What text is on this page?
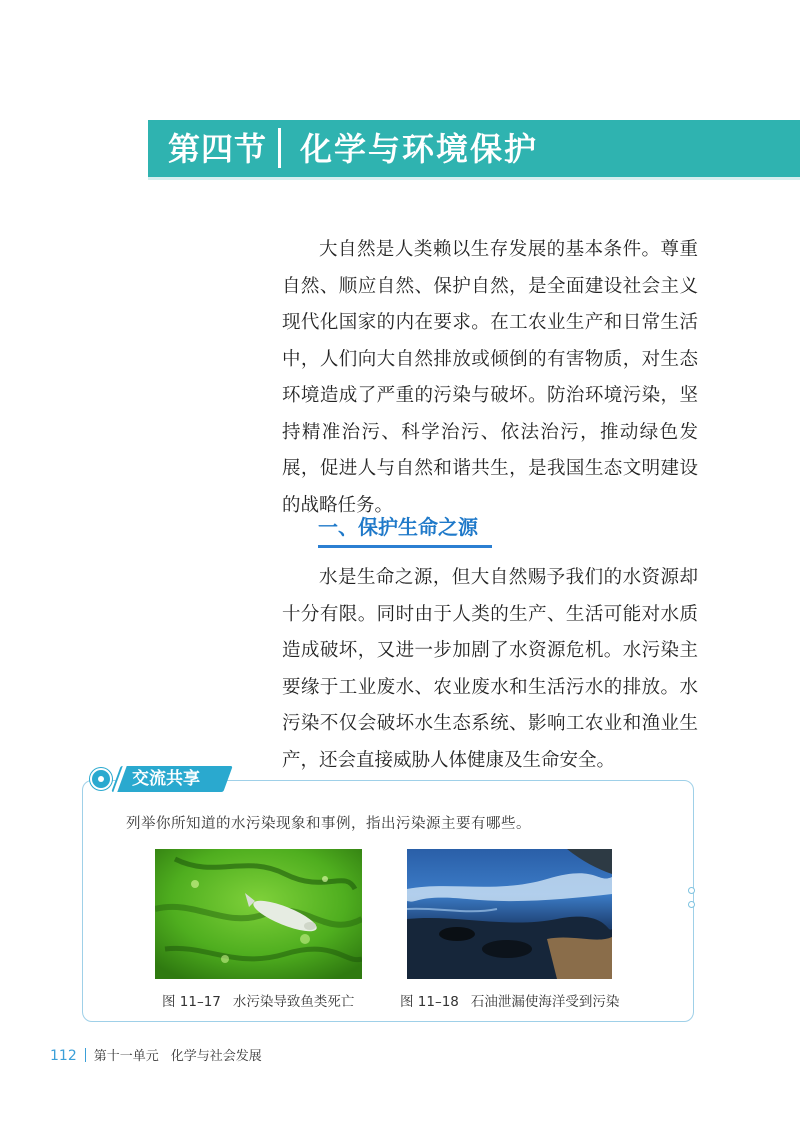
第四节 化学与环境保护

大自然是人类赖以生存发展的基本条件。尊重自然、顺应自然、保护自然，是全面建设社会主义现代化国家的内在要求。在工农业生产和日常生活中，人们向大自然排放或倾倒的有害物质，对生态环境造成了严重的污染与破坏。防治环境污染，坚持精准治污、科学治污、依法治污，推动绿色发展，促进人与自然和谐共生，是我国生态文明建设的战略任务。

一、保护生命之源

水是生命之源，但大自然赐予我们的水资源却十分有限。同时由于人类的生产、生活可能对水质造成破坏，又进一步加剧了水资源危机。水污染主要缘于工业废水、农业废水和生活污水的排放。水污染不仅会破坏水生态系统、影响工农业和渔业生产，还会直接威胁人体健康及生命安全。

交流共享
列举你所知道的水污染现象和事例，指出污染源主要有哪些。
图 11–17 水污染导致鱼类死亡	图 11–18 石油泄漏使海洋受到污染
112 第十一单元 化学与社会发展
